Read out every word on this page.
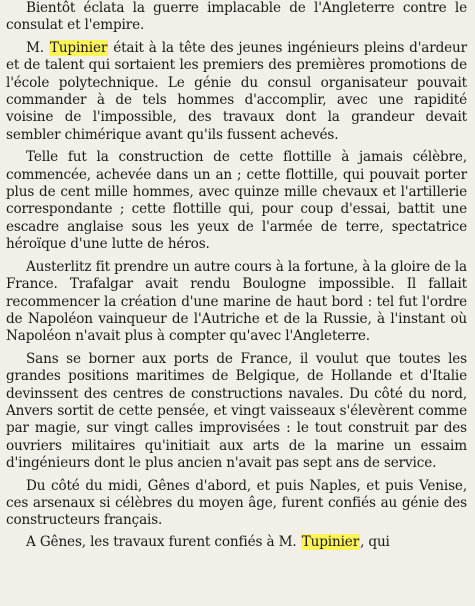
Bientôt éclata la guerre implacable de l'Angleterre contre le consulat et l'empire.

M. Tupinier était à la tête des jeunes ingénieurs pleins d'ardeur et de talent qui sortaient les premiers des premières promotions de l'école polytechnique. Le génie du consul organisateur pouvait commander à de tels hommes d'accomplir, avec une rapidité voisine de l'impossible, des travaux dont la grandeur devait sembler chimérique avant qu'ils fussent achevés.

Telle fut la construction de cette flottille à jamais célèbre, commencée, achevée dans un an ; cette flottille, qui pouvait porter plus de cent mille hommes, avec quinze mille chevaux et l'artillerie correspondante ; cette flottille qui, pour coup d'essai, battit une escadre anglaise sous les yeux de l'armée de terre, spectatrice héroïque d'une lutte de héros.

Austerlitz fit prendre un autre cours à la fortune, à la gloire de la France. Trafalgar avait rendu Boulogne impossible. Il fallait recommencer la création d'une marine de haut bord : tel fut l'ordre de Napoléon vainqueur de l'Autriche et de la Russie, à l'instant où Napoléon n'avait plus à compter qu'avec l'Angleterre.

Sans se borner aux ports de France, il voulut que toutes les grandes positions maritimes de Belgique, de Hollande et d'Italie devinssent des centres de constructions navales. Du côté du nord, Anvers sortit de cette pensée, et vingt vaisseaux s'élevèrent comme par magie, sur vingt calles improvisées : le tout construit par des ouvriers militaires qu'initiait aux arts de la marine un essaim d'ingénieurs dont le plus ancien n'avait pas sept ans de service.

Du côté du midi, Gênes d'abord, et puis Naples, et puis Venise, ces arsenaux si célèbres du moyen âge, furent confiés au génie des constructeurs français.

A Gênes, les travaux furent confiés à M. Tupinier, qui
